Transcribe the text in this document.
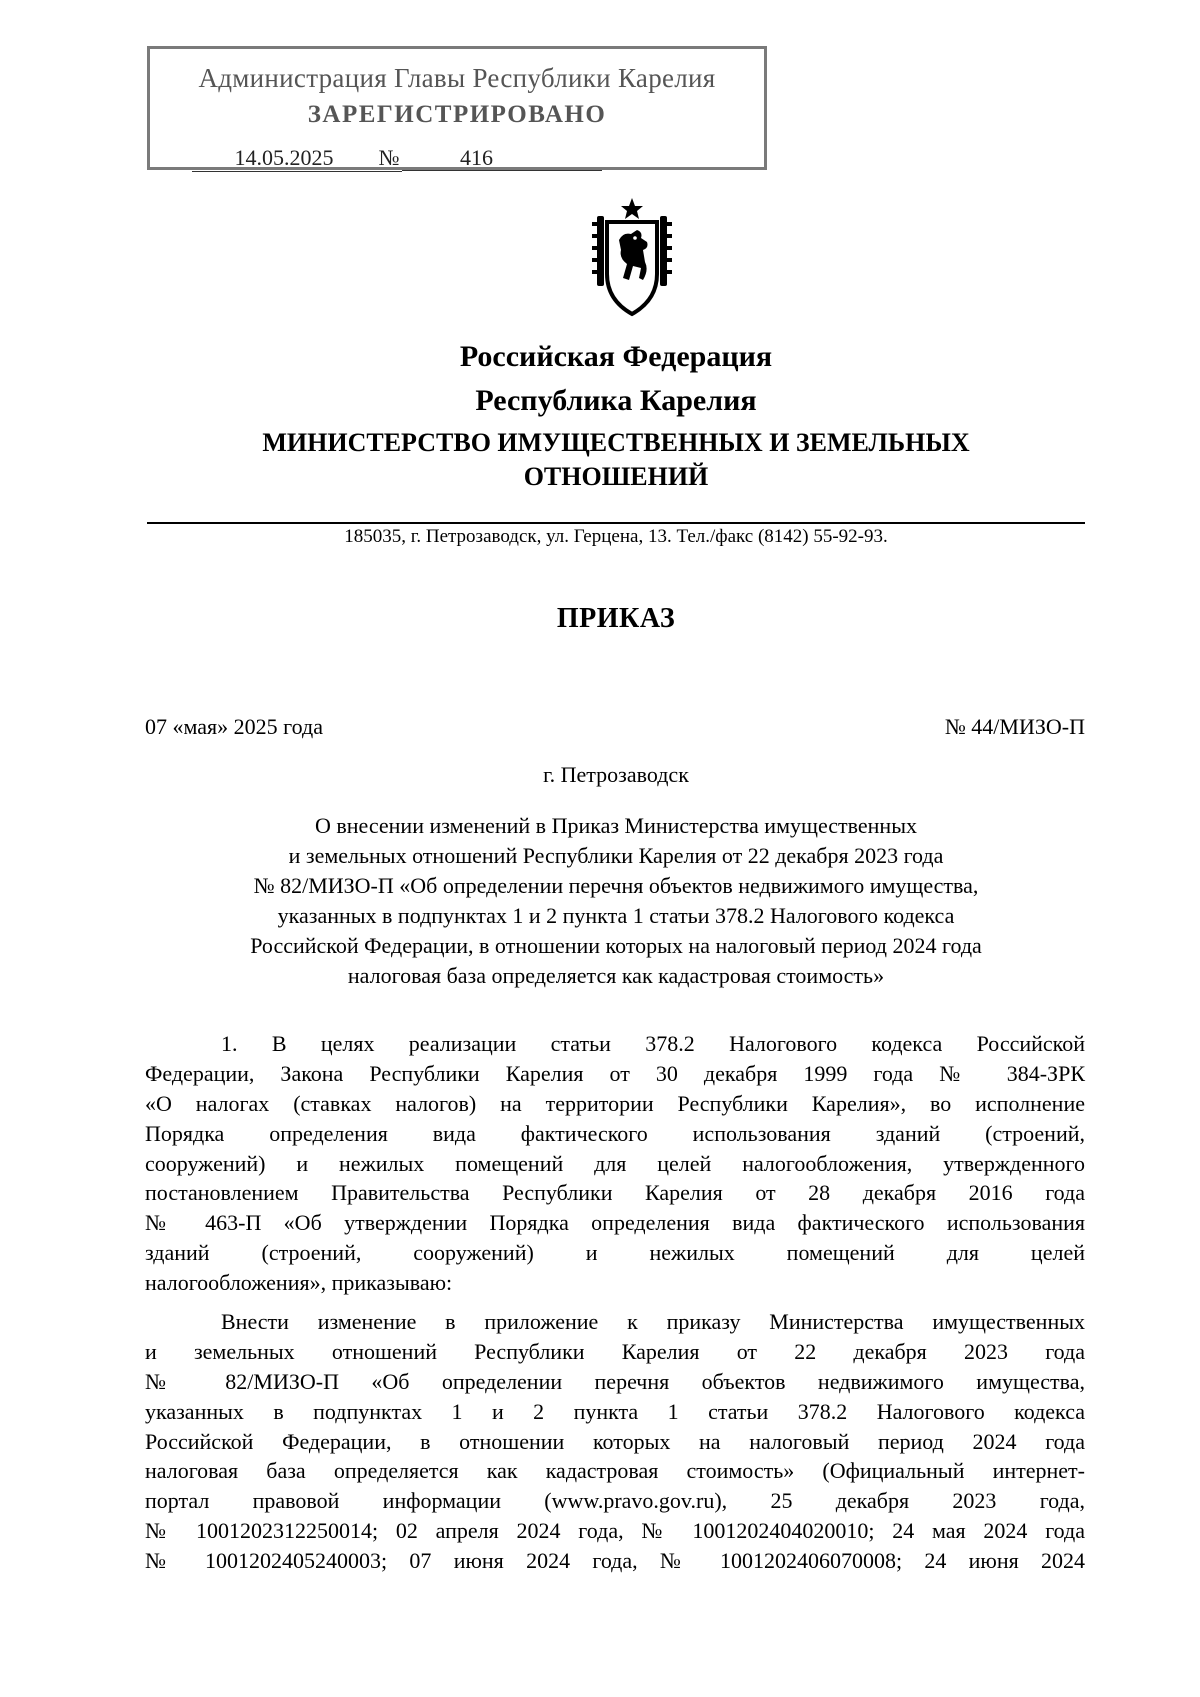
Администрация Главы Республики Карелия
ЗАРЕГИСТРИРОВАНО
14.05.2025	№	416
Российская Федерация
Республика Карелия
МИНИСТЕРСТВО ИМУЩЕСТВЕННЫХ И ЗЕМЕЛЬНЫХ
ОТНОШЕНИЙ
185035, г. Петрозаводск, ул. Герцена, 13. Тел./факс (8142) 55-92-93.
ПРИКАЗ
07 «мая» 2025 года	№ 44/МИЗО-П
г. Петрозаводск
О внесении изменений в Приказ Министерства имущественных
и земельных отношений Республики Карелия от 22 декабря 2023 года
№ 82/МИЗО-П «Об определении перечня объектов недвижимого имущества,
указанных в подпунктах 1 и 2 пункта 1 статьи 378.2 Налогового кодекса
Российской Федерации, в отношении которых на налоговый период 2024 года
налоговая база определяется как кадастровая стоимость»
1. В целях реализации статьи 378.2 Налогового кодекса Российской
Федерации, Закона Республики Карелия от 30 декабря 1999 года № 384-ЗРК
«О налогах (ставках налогов) на территории Республики Карелия», во исполнение
Порядка определения вида фактического использования зданий (строений,
сооружений) и нежилых помещений для целей налогообложения, утвержденного
постановлением Правительства Республики Карелия от 28 декабря 2016 года
№ 463-П «Об утверждении Порядка определения вида фактического использования
зданий (строений, сооружений) и нежилых помещений для целей
налогообложения», приказываю:
Внести изменение в приложение к приказу Министерства имущественных
и земельных отношений Республики Карелия от 22 декабря 2023 года
№ 82/МИЗО-П «Об определении перечня объектов недвижимого имущества,
указанных в подпунктах 1 и 2 пункта 1 статьи 378.2 Налогового кодекса
Российской Федерации, в отношении которых на налоговый период 2024 года
налоговая база определяется как кадастровая стоимость» (Официальный интернет-
портал правовой информации (www.pravo.gov.ru), 25 декабря 2023 года,
№ 1001202312250014; 02 апреля 2024 года, № 1001202404020010; 24 мая 2024 года
№ 1001202405240003; 07 июня 2024 года, № 1001202406070008; 24 июня 2024
